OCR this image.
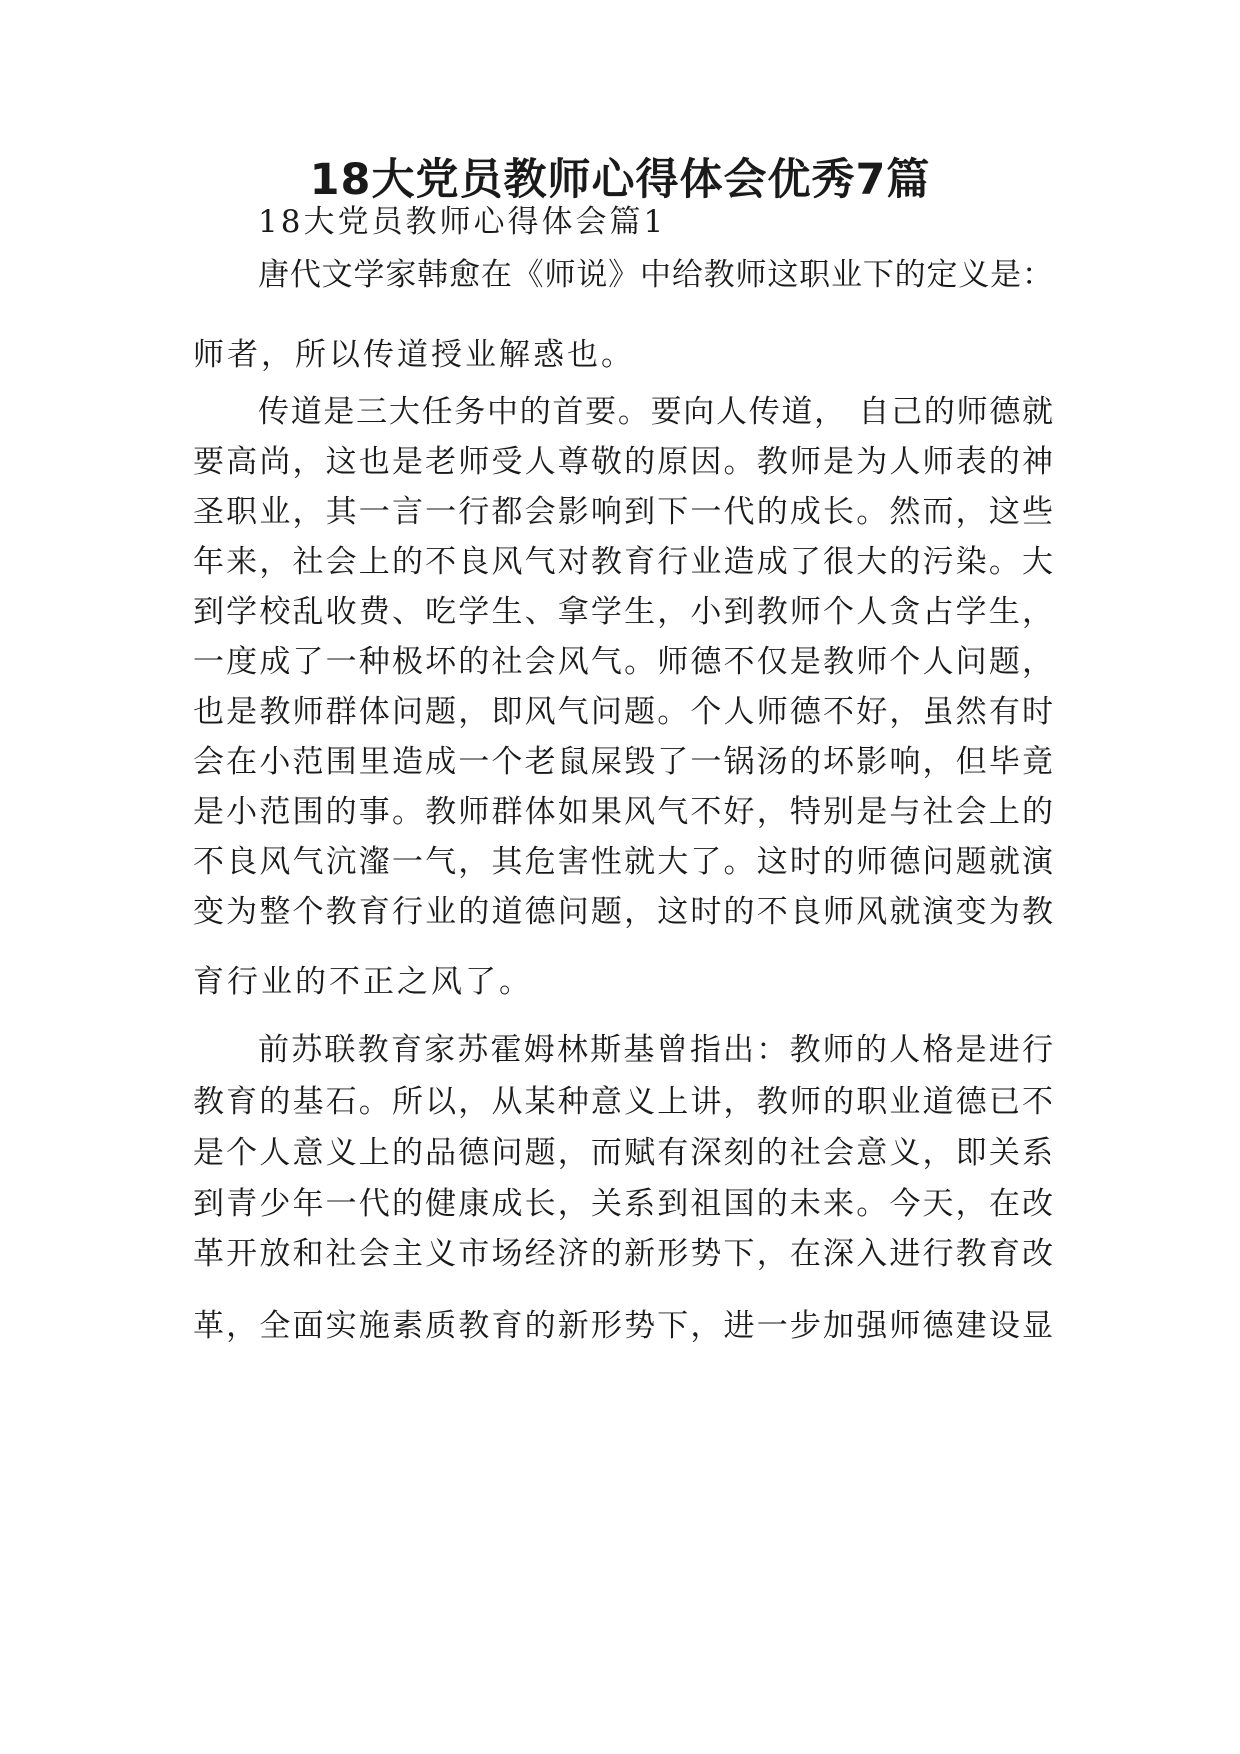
18大党员教师心得体会优秀7篇

18大党员教师心得体会篇1

唐代文学家韩愈在《师说》中给教师这职业下的定义是：

师者，所以传道授业解惑也。

传道是三大任务中的首要。要向人传道， 自己的师德就

要高尚，这也是老师受人尊敬的原因。教师是为人师表的神

圣职业，其一言一行都会影响到下一代的成长。然而，这些

年来，社会上的不良风气对教育行业造成了很大的污染。大

到学校乱收费、吃学生、拿学生，小到教师个人贪占学生，

一度成了一种极坏的社会风气。师德不仅是教师个人问题，

也是教师群体问题，即风气问题。个人师德不好，虽然有时

会在小范围里造成一个老鼠屎毁了一锅汤的坏影响，但毕竟

是小范围的事。教师群体如果风气不好，特别是与社会上的

不良风气沆瀣一气，其危害性就大了。这时的师德问题就演

变为整个教育行业的道德问题，这时的不良师风就演变为教

育行业的不正之风了。

前苏联教育家苏霍姆林斯基曾指出：教师的人格是进行

教育的基石。所以，从某种意义上讲，教师的职业道德已不

是个人意义上的品德问题，而赋有深刻的社会意义，即关系

到青少年一代的健康成长，关系到祖国的未来。今天，在改

革开放和社会主义市场经济的新形势下，在深入进行教育改

革，全面实施素质教育的新形势下，进一步加强师德建设显
